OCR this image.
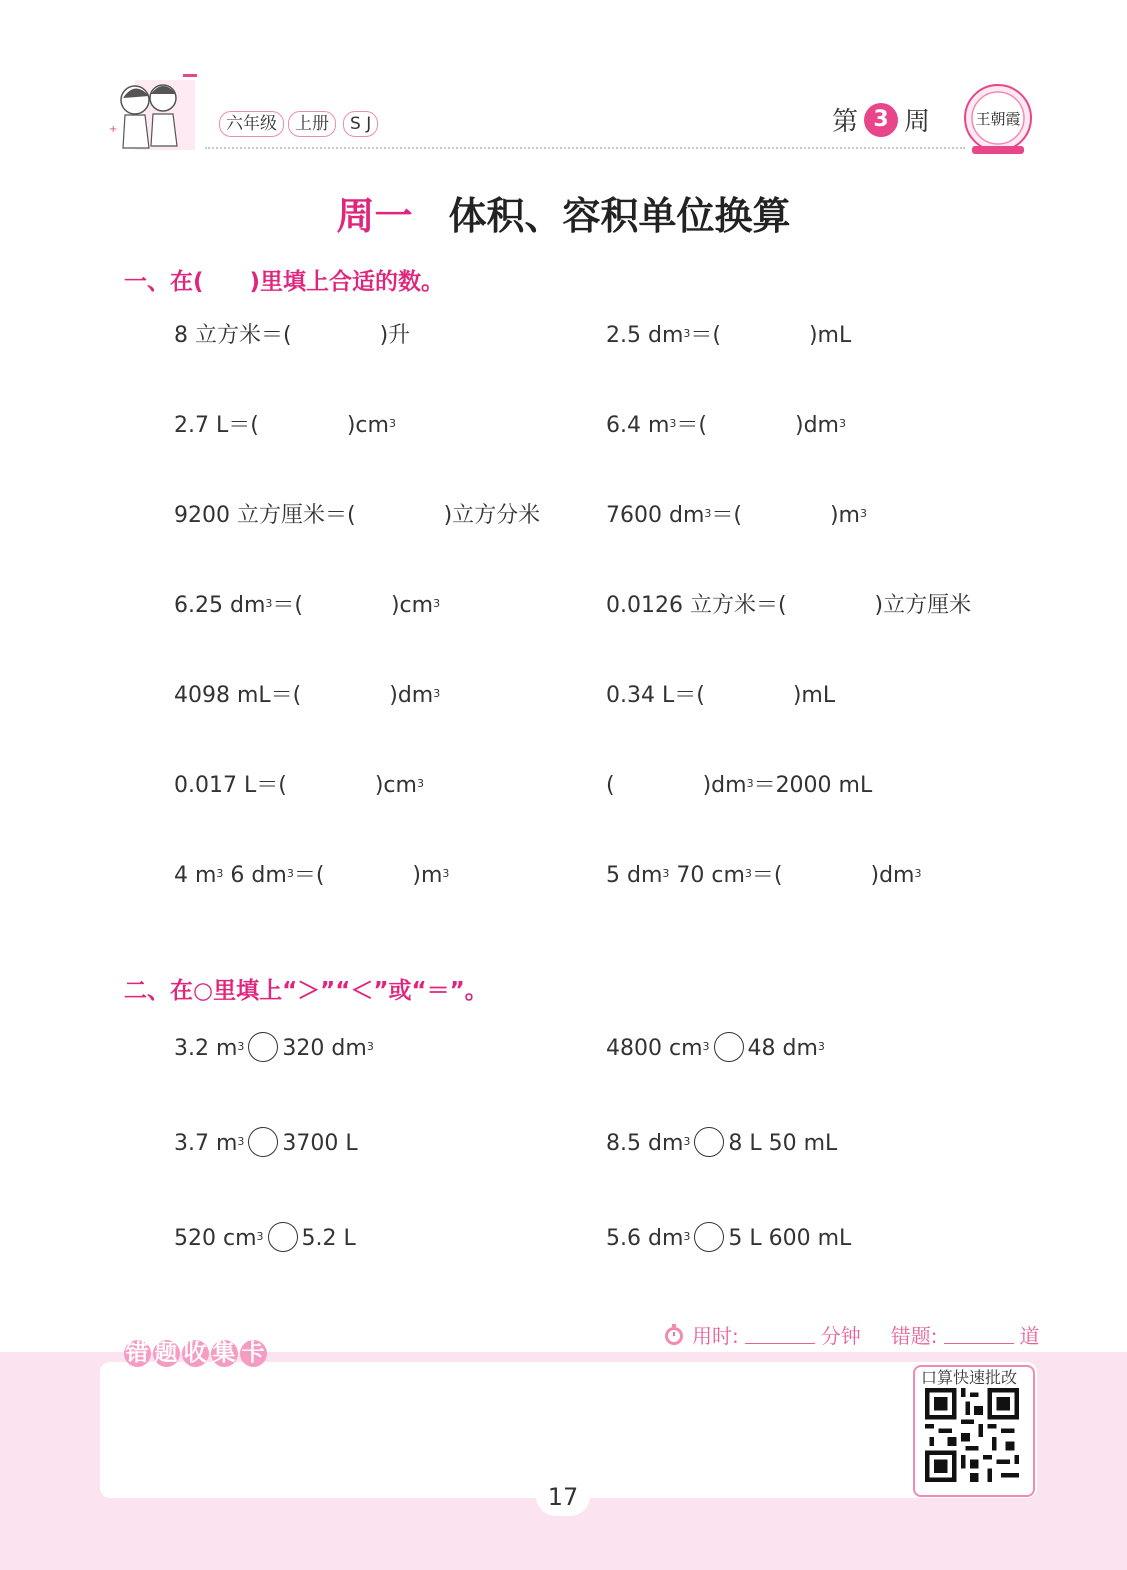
+	六年级	上册	S J	第 3 周	王朝霞
周一 体积、容积单位换算
一、在(　　)里填上合适的数。
8 立方米＝(　　　　)升	2.5 $dm^3=$(　　　　)mL
2.7 L＝(　　　　)$cm^3$	6.4 $m^3=$(　　　　)$dm^3$
9200 立方厘米＝(　　　　)立方分米	7600 $dm^3=$(　　　　)$m^3$
6.25 $dm^3=$(　　　　)$cm^3$	0.0126 立方米＝(　　　　)立方厘米
4098 mL＝(　　　　)$dm^3$	0.34 L＝(　　　　)mL
0.017 L＝(　　　　)$cm^3$	(　　　　)$dm^3=2000$ mL
4 $m^3$ 6 $dm^3=$(　　　　)$m^3$	5 $dm^3$ 70 $cm^3=$(　　　　)$dm^3$
二、在○里填上“＞”“＜”或“＝”。
3.2 $m^3$ 320 $dm^3$	4800 $cm^3$ 48 $dm^3$
3.7 $m^3$ 3700 L	8.5 $dm^3$ 8 L 50 mL
520 $cm^3$ 5.2 L	5.6 $dm^3$ 5 L 600 mL
用时:	分钟 错题:	道
错 题 收 集 卡
口算快速批改
17
